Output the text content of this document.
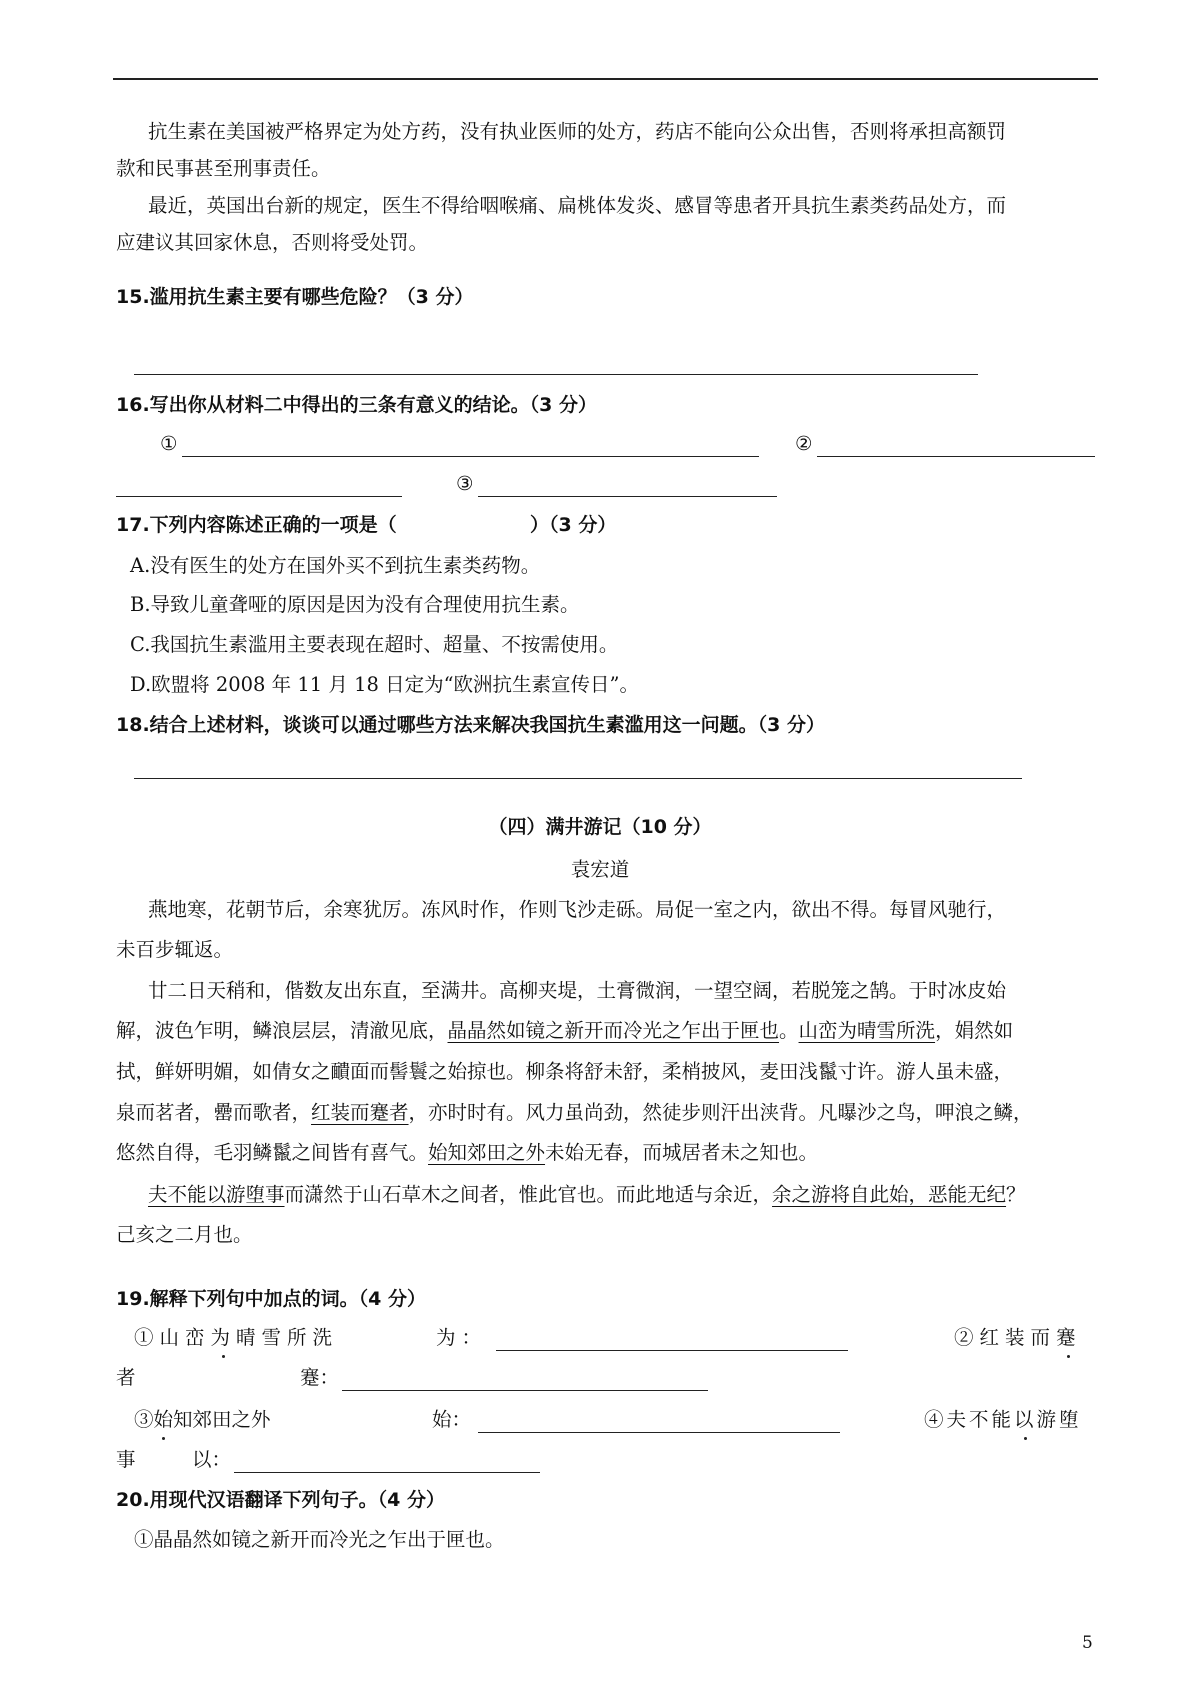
抗生素在美国被严格界定为处方药，没有执业医师的处方，药店不能向公众出售，否则将承担高额罚
款和民事甚至刑事责任。
最近，英国出台新的规定，医生不得给咽喉痛、扁桃体发炎、感冒等患者开具抗生素类药品处方，而
应建议其回家休息，否则将受处罚。
15.滥用抗生素主要有哪些危险？（3 分）
16.写出你从材料二中得出的三条有意义的结论。（3 分）
①	②
③
17.下列内容陈述正确的一项是（	）（3 分）
A.没有医生的处方在国外买不到抗生素类药物。
B.导致儿童聋哑的原因是因为没有合理使用抗生素。
C.我国抗生素滥用主要表现在超时、超量、不按需使用。
D.欧盟将 2008 年 11 月 18 日定为“欧洲抗生素宣传日”。
18.结合上述材料，谈谈可以通过哪些方法来解决我国抗生素滥用这一问题。（3 分）
（四）满井游记（10 分）
袁宏道
燕地寒，花朝节后，余寒犹厉。冻风时作，作则飞沙走砾。局促一室之内，欲出不得。每冒风驰行，
未百步辄返。
廿二日天稍和，偕数友出东直，至满井。高柳夹堤，土膏微润，一望空阔，若脱笼之鹄。于时冰皮始
解，波色乍明，鳞浪层层，清澈见底，晶晶然如镜之新开而冷光之乍出于匣也。山峦为晴雪所洗，娟然如
拭，鲜妍明媚，如倩女之靧面而髻鬟之始掠也。柳条将舒未舒，柔梢披风，麦田浅鬣寸许。游人虽未盛，
泉而茗者，罍而歌者，红装而蹇者，亦时时有。风力虽尚劲，然徒步则汗出浃背。凡曝沙之鸟，呷浪之鳞，
悠然自得，毛羽鳞鬣之间皆有喜气。始知郊田之外未始无春，而城居者未之知也。
夫不能以游堕事而潇然于山石草木之间者，惟此官也。而此地适与余近，余之游将自此始，恶能无纪？
己亥之二月也。
19.解释下列句中加点的词。（4 分）
①山峦为晴雪所洗	为：	②红装而蹇
者	蹇：
③始知郊田之外	始：	④夫不能以游堕
事	以：
20.用现代汉语翻译下列句子。（4 分）
①晶晶然如镜之新开而冷光之乍出于匣也。
5
